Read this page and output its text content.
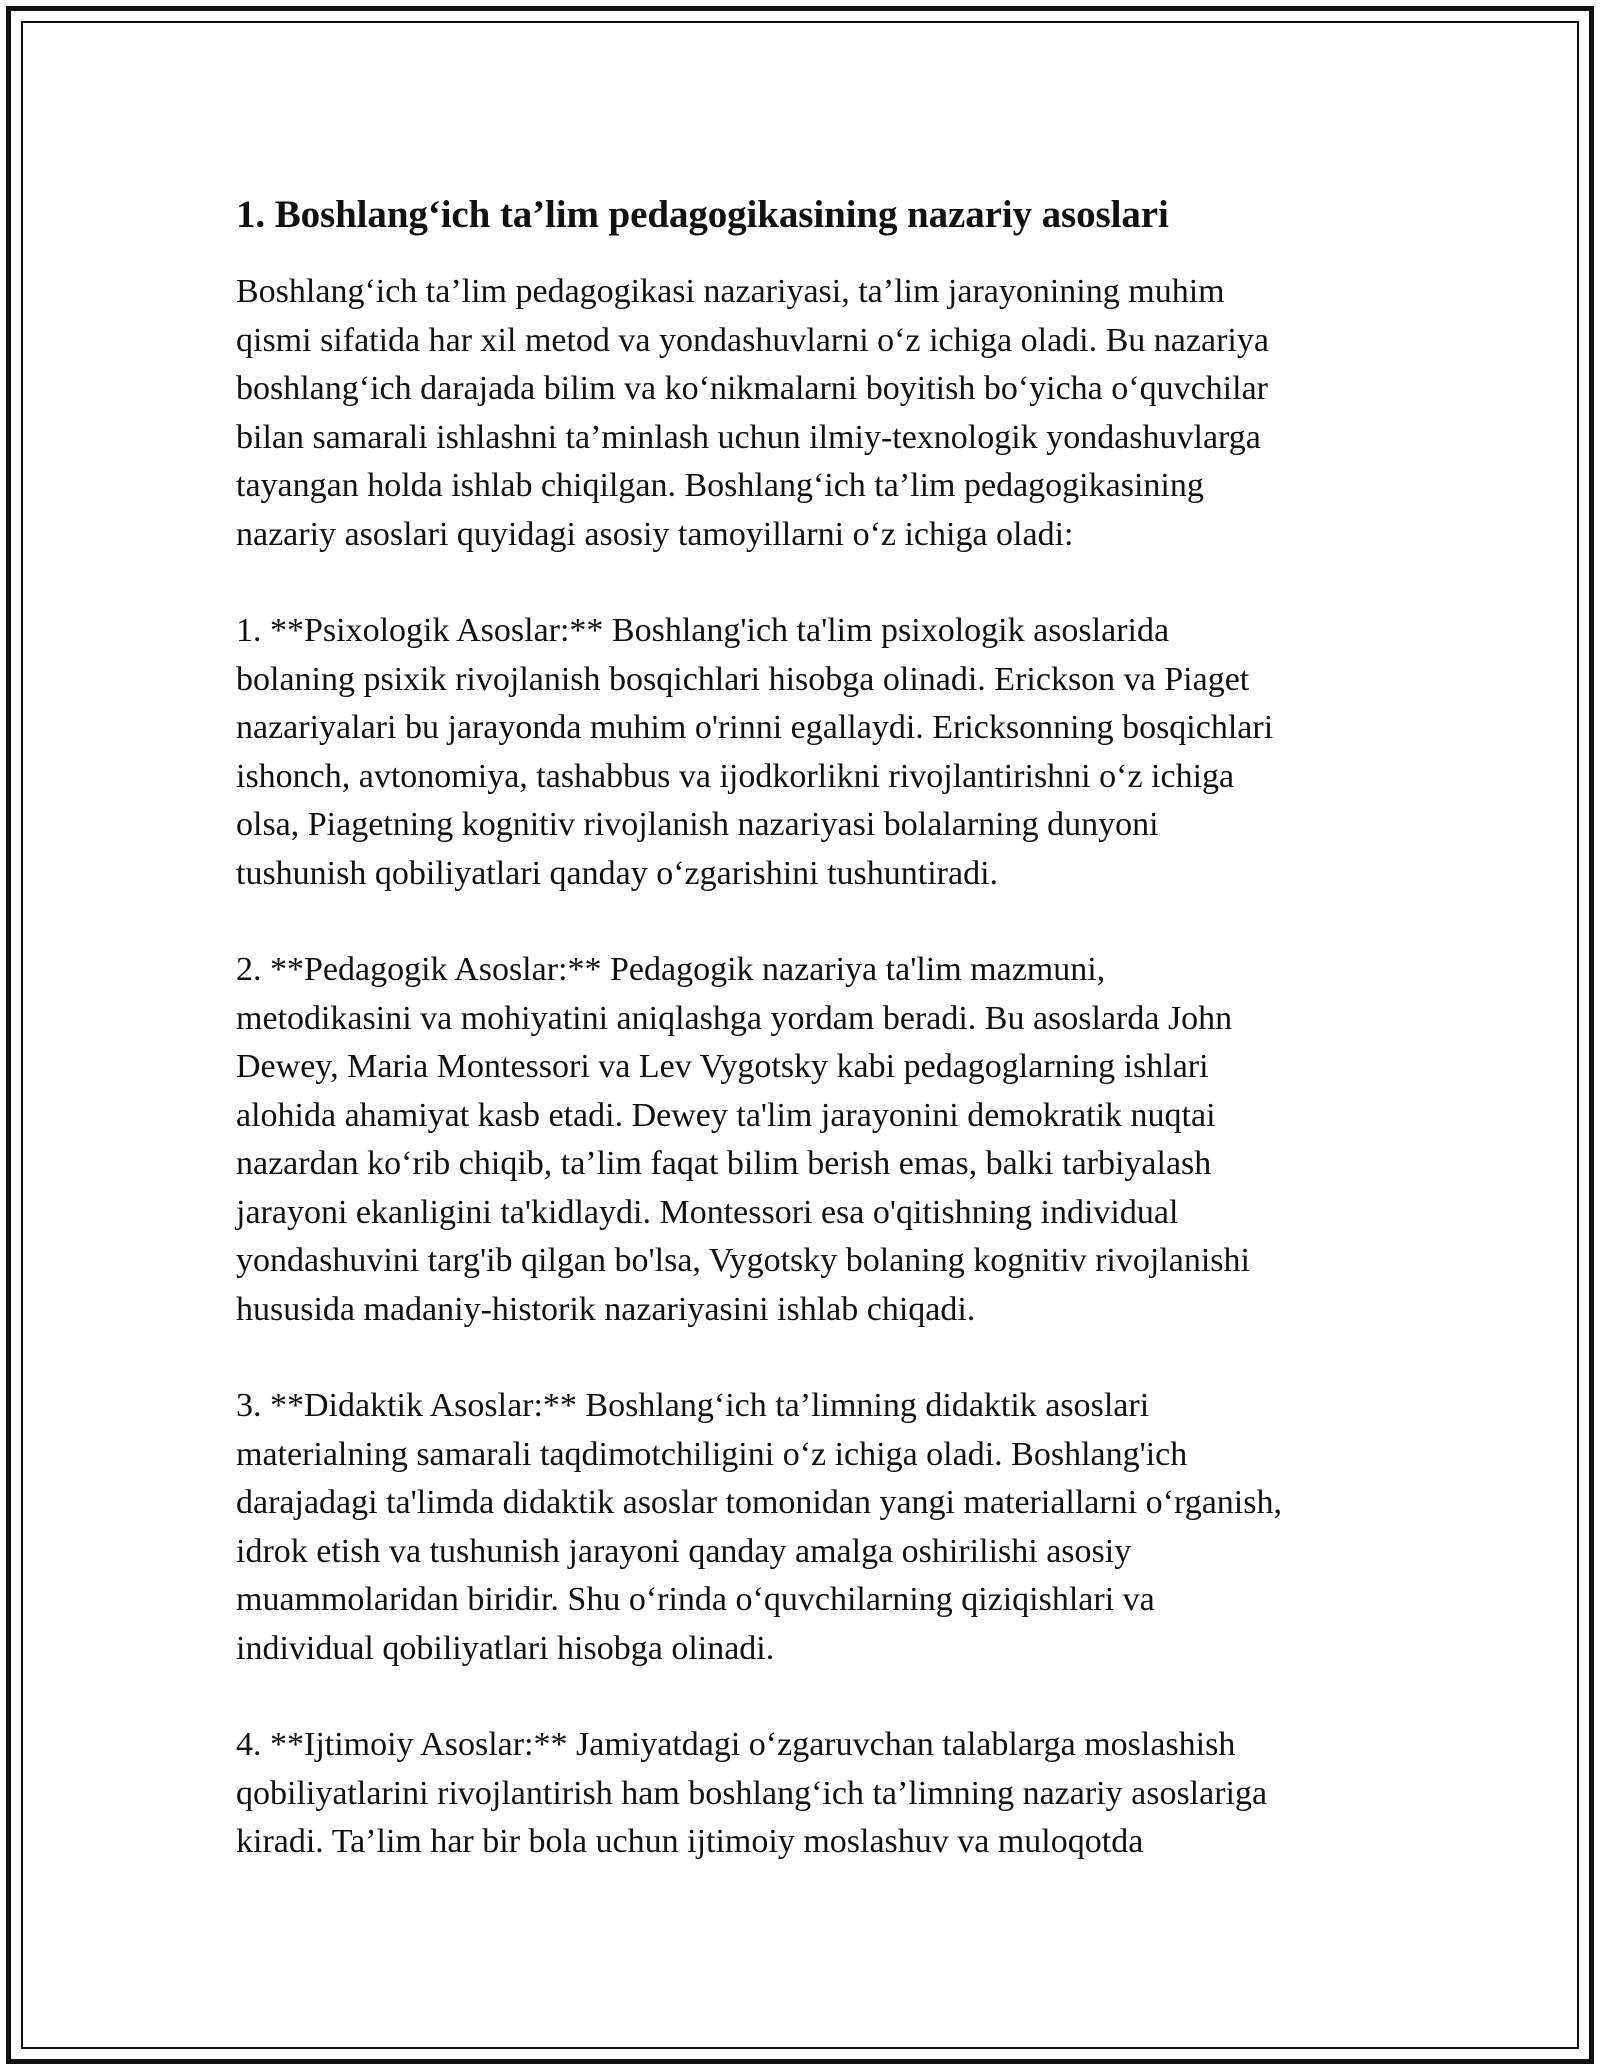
1. Boshlang‘ich ta’lim pedagogikasining nazariy asoslari

Boshlang‘ich ta’lim pedagogikasi nazariyasi, ta’lim jarayonining muhim
qismi sifatida har xil metod va yondashuvlarni o‘z ichiga oladi. Bu nazariya
boshlang‘ich darajada bilim va ko‘nikmalarni boyitish bo‘yicha o‘quvchilar
bilan samarali ishlashni ta’minlash uchun ilmiy-texnologik yondashuvlarga
tayangan holda ishlab chiqilgan. Boshlang‘ich ta’lim pedagogikasining
nazariy asoslari quyidagi asosiy tamoyillarni o‘z ichiga oladi:

1. **Psixologik Asoslar:** Boshlang'ich ta'lim psixologik asoslarida
bolaning psixik rivojlanish bosqichlari hisobga olinadi. Erickson va Piaget
nazariyalari bu jarayonda muhim o'rinni egallaydi. Ericksonning bosqichlari
ishonch, avtonomiya, tashabbus va ijodkorlikni rivojlantirishni o‘z ichiga
olsa, Piagetning kognitiv rivojlanish nazariyasi bolalarning dunyoni
tushunish qobiliyatlari qanday o‘zgarishini tushuntiradi.

2. **Pedagogik Asoslar:** Pedagogik nazariya ta'lim mazmuni,
metodikasini va mohiyatini aniqlashga yordam beradi. Bu asoslarda John
Dewey, Maria Montessori va Lev Vygotsky kabi pedagoglarning ishlari
alohida ahamiyat kasb etadi. Dewey ta'lim jarayonini demokratik nuqtai
nazardan ko‘rib chiqib, ta’lim faqat bilim berish emas, balki tarbiyalash
jarayoni ekanligini ta'kidlaydi. Montessori esa o'qitishning individual
yondashuvini targ'ib qilgan bo'lsa, Vygotsky bolaning kognitiv rivojlanishi
hususida madaniy-historik nazariyasini ishlab chiqadi.

3. **Didaktik Asoslar:** Boshlang‘ich ta’limning didaktik asoslari
materialning samarali taqdimotchiligini o‘z ichiga oladi. Boshlang'ich
darajadagi ta'limda didaktik asoslar tomonidan yangi materiallarni o‘rganish,
idrok etish va tushunish jarayoni qanday amalga oshirilishi asosiy
muammolaridan biridir. Shu o‘rinda o‘quvchilarning qiziqishlari va
individual qobiliyatlari hisobga olinadi.

4. **Ijtimoiy Asoslar:** Jamiyatdagi o‘zgaruvchan talablarga moslashish
qobiliyatlarini rivojlantirish ham boshlang‘ich ta’limning nazariy asoslariga
kiradi. Ta’lim har bir bola uchun ijtimoiy moslashuv va muloqotda
